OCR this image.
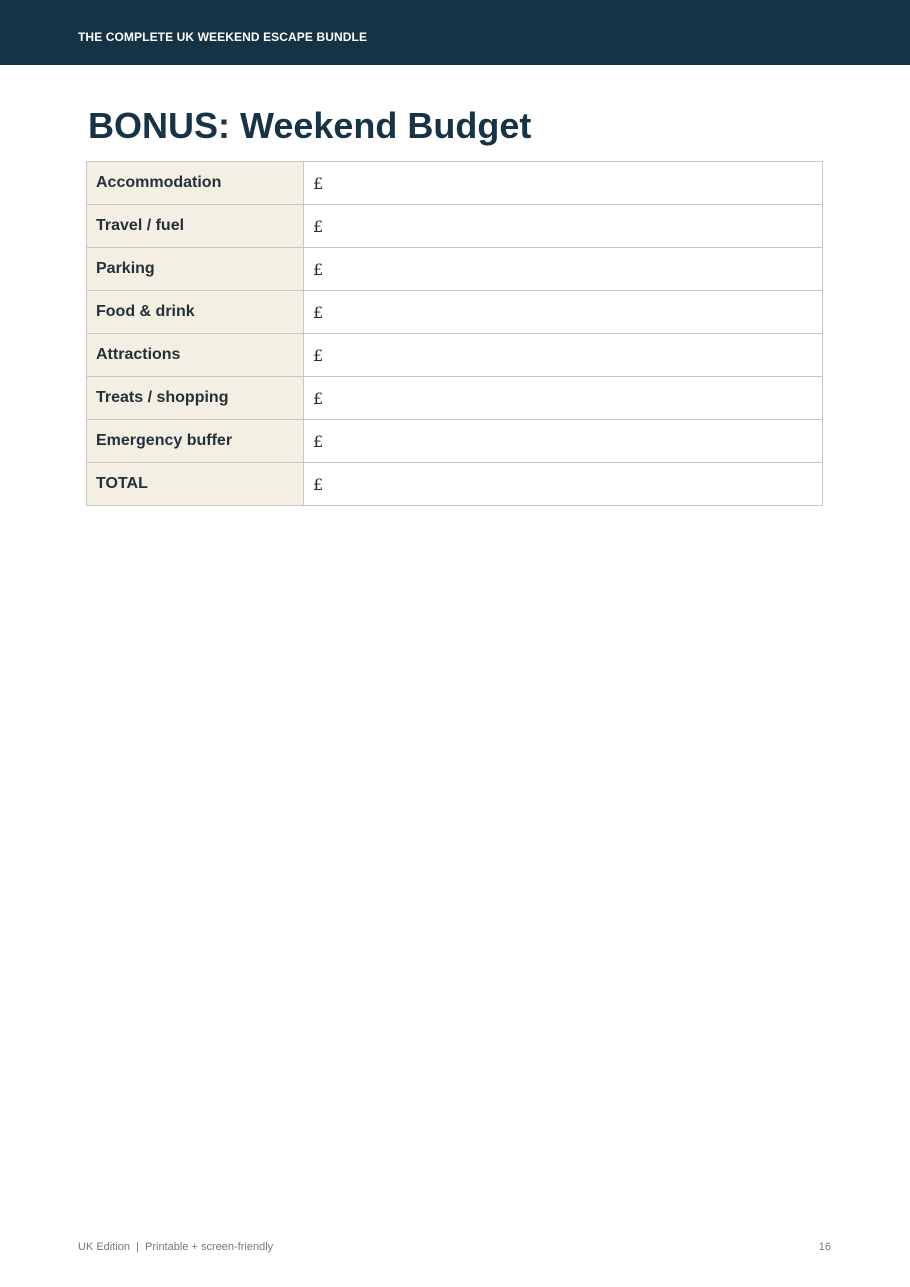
THE COMPLETE UK WEEKEND ESCAPE BUNDLE
BONUS: Weekend Budget
Accommodation	£
Travel / fuel	£
Parking	£
Food & drink	£
Attractions	£
Treats / shopping	£
Emergency buffer	£
TOTAL	£
UK Edition  |  Printable + screen-friendly	16
